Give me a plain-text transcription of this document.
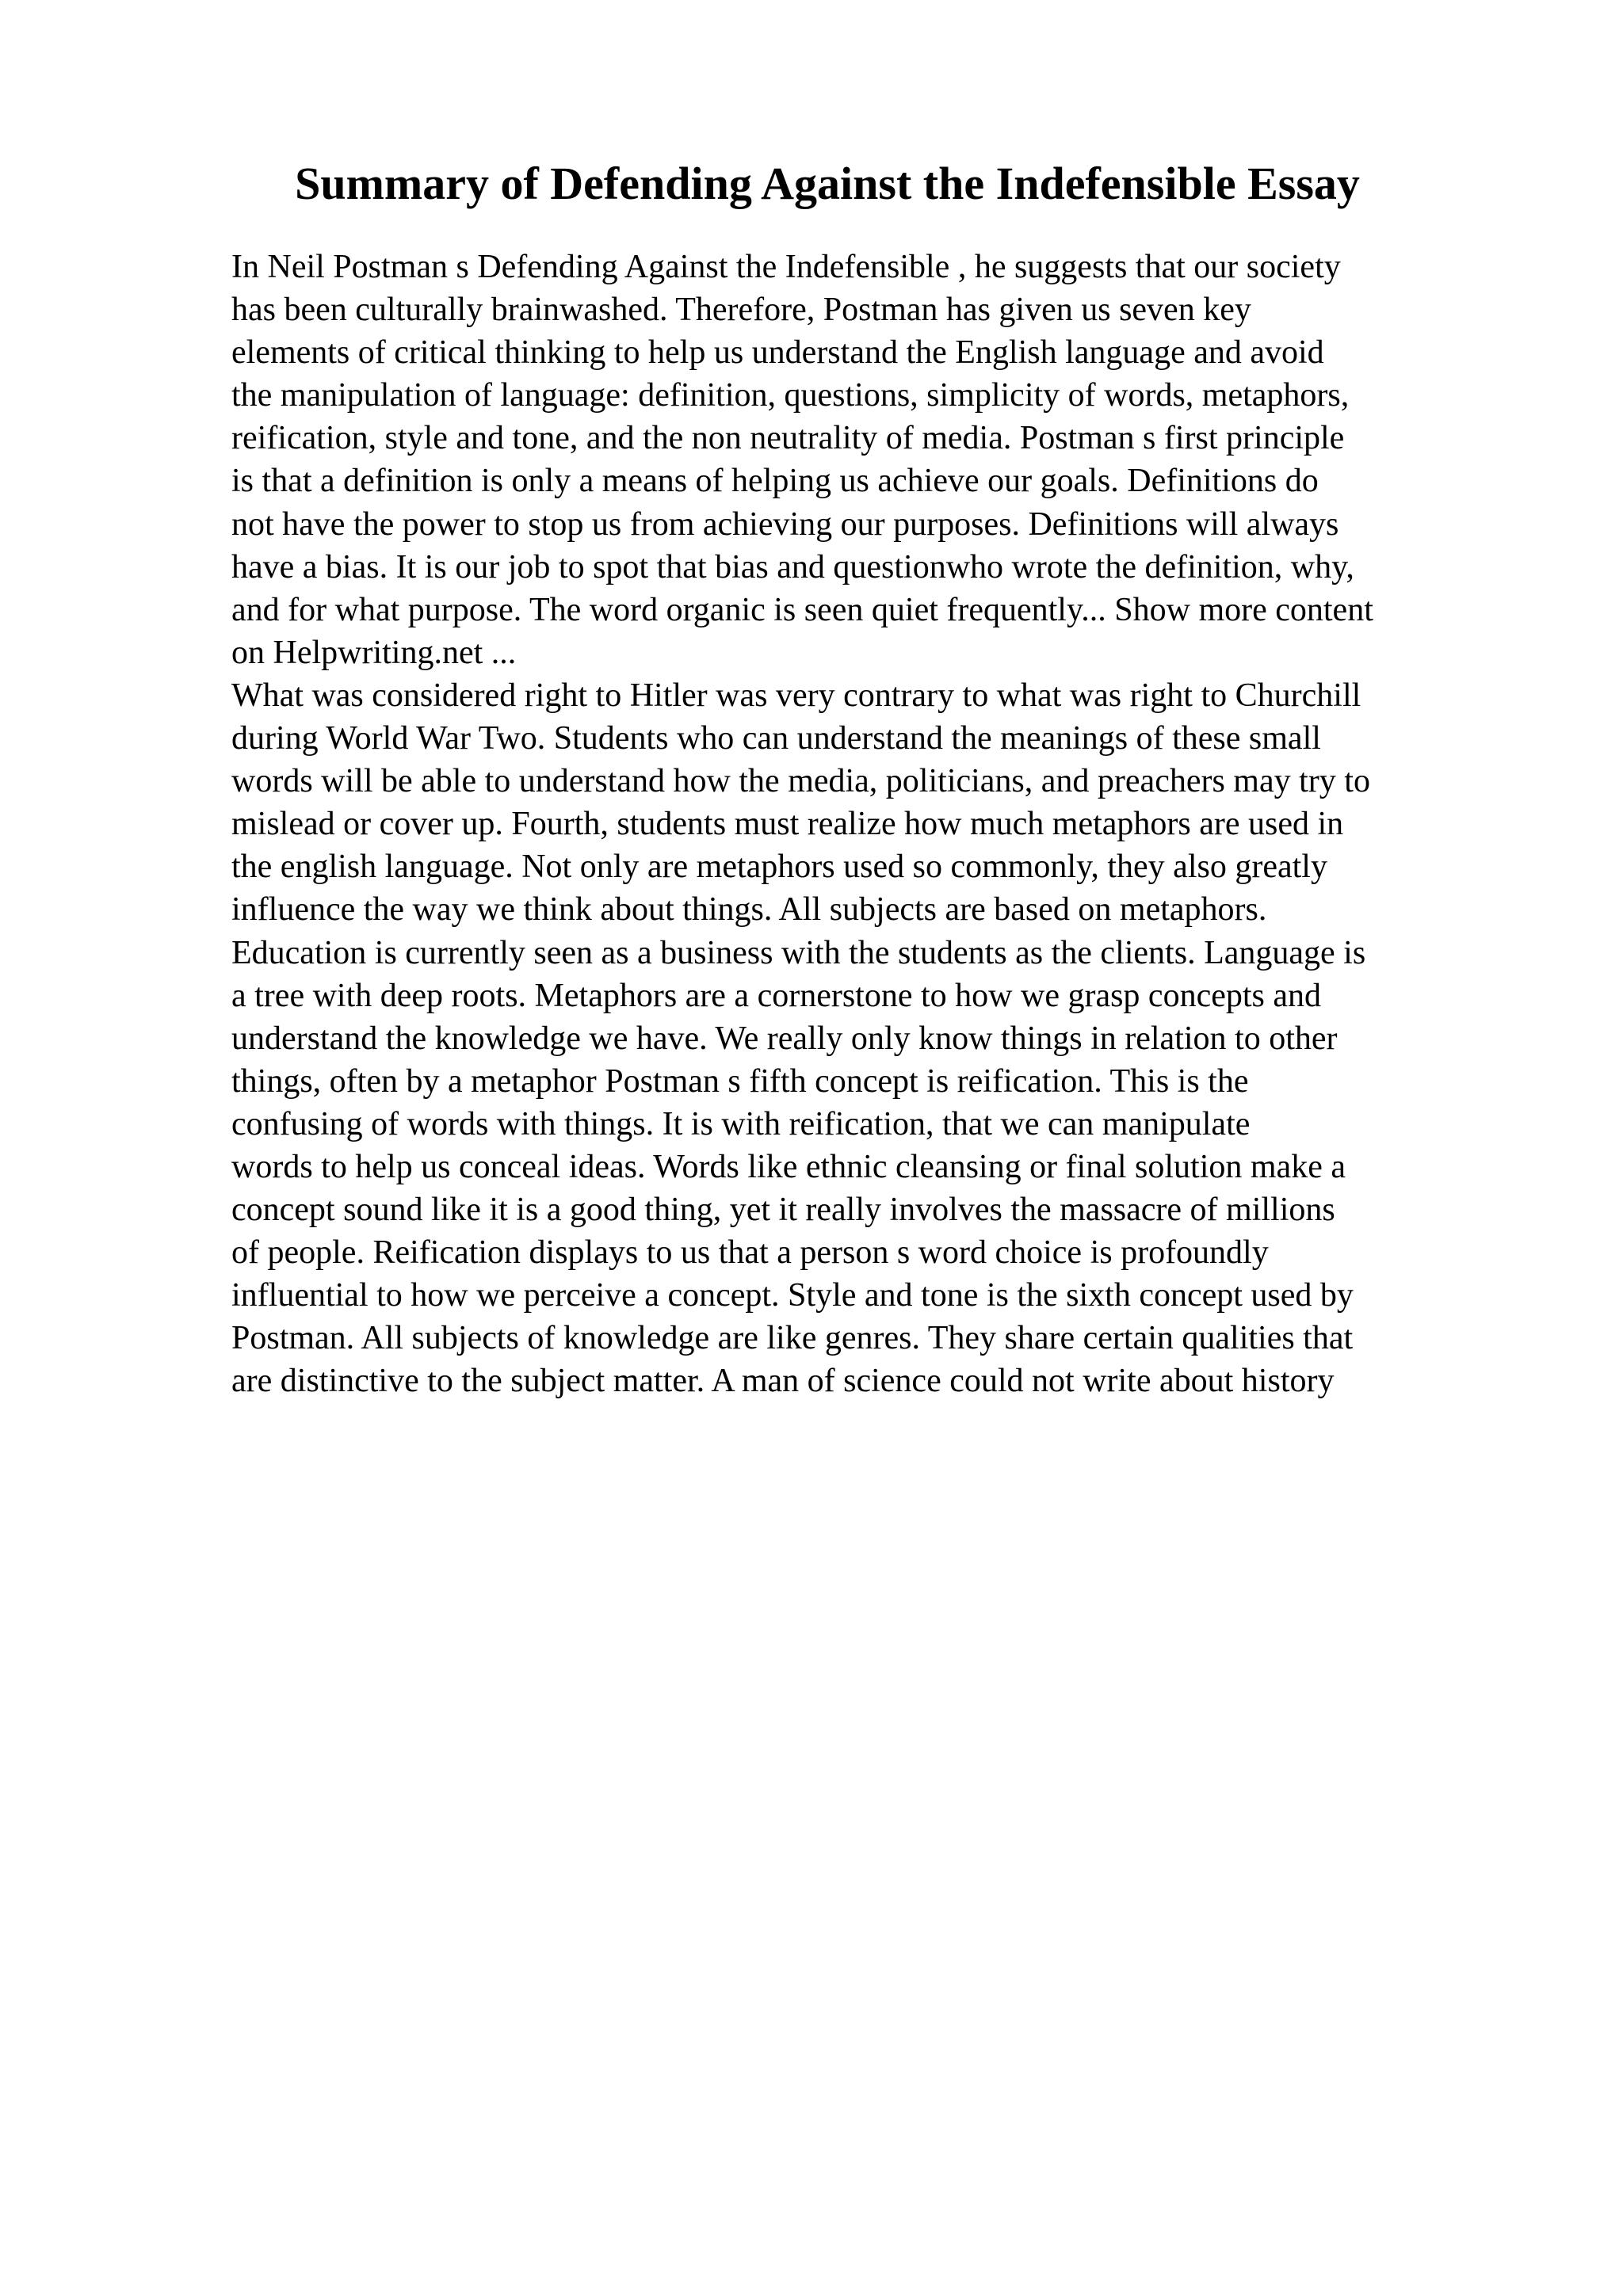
Summary of Defending Against the Indefensible Essay

In Neil Postman s Defending Against the Indefensible , he suggests that our society

has been culturally brainwashed. Therefore, Postman has given us seven key

elements of critical thinking to help us understand the English language and avoid

the manipulation of language: definition, questions, simplicity of words, metaphors,

reification, style and tone, and the non neutrality of media. Postman s first principle

is that a definition is only a means of helping us achieve our goals. Definitions do

not have the power to stop us from achieving our purposes. Definitions will always

have a bias. It is our job to spot that bias and questionwho wrote the definition, why,

and for what purpose. The word organic is seen quiet frequently... Show more content

on Helpwriting.net ...

What was considered right to Hitler was very contrary to what was right to Churchill

during World War Two. Students who can understand the meanings of these small

words will be able to understand how the media, politicians, and preachers may try to

mislead or cover up. Fourth, students must realize how much metaphors are used in

the english language. Not only are metaphors used so commonly, they also greatly

influence the way we think about things. All subjects are based on metaphors.

Education is currently seen as a business with the students as the clients. Language is

a tree with deep roots. Metaphors are a cornerstone to how we grasp concepts and

understand the knowledge we have. We really only know things in relation to other

things, often by a metaphor Postman s fifth concept is reification. This is the

confusing of words with things. It is with reification, that we can manipulate

words to help us conceal ideas. Words like ethnic cleansing or final solution make a

concept sound like it is a good thing, yet it really involves the massacre of millions

of people. Reification displays to us that a person s word choice is profoundly

influential to how we perceive a concept. Style and tone is the sixth concept used by

Postman. All subjects of knowledge are like genres. They share certain qualities that

are distinctive to the subject matter. A man of science could not write about history
